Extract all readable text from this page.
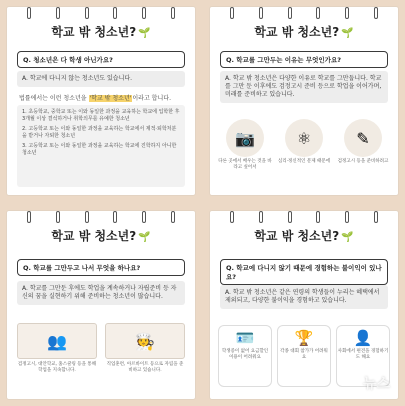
학교 밖 청소년? 🌱
Q. 청소년은 다 학생 아닌가요?
A. 학교에 다니지 않는 청소년도 있습니다.
법률에서는 이런 청소년을 '학교 밖 청소년'이라고 합니다.
1. 초등학교, 중학교 또는 이와 동일한 과정을 교육하는 학교에 입학한 후 3개월 이상 결석하거나 취학의무를 유예한 청소년
2. 고등학교 또는 이와 동일한 과정을 교육하는 학교에서 제적·퇴학처분을 받거나 자퇴한 청소년
3. 고등학교 또는 이와 동일한 과정을 교육하는 학교에 진학하지 아니한 청소년
학교 밖 청소년? 🌱
Q. 학교를 그만두는 이유는 무엇인가요?
A. 학교 밖 청소년은 다양한 이유로 학교를 그만둡니다. 학교를 그만 둔 이후에도 검정고시 준비 등으로 학업을 이어가며, 미래를 준비하고 있습니다.
📷
다른 곳에서 배우는 것을 바라고 싶어서
⚛
심리·정신적인 문제 때문에
✎
검정고시 등을 준비하려고
학교 밖 청소년? 🌱
Q. 학교를 그만두고 나서 무엇을 하나요?
A. 학교를 그만둔 후에도 학업을 계속하거나 자립준비 등 자신의 꿈을 실현하기 위해 준비하는 청소년이 많습니다.
👥
검정고시, 대안학교, 홈스쿨링 등을 통해 학업을 지속합니다.
🧑‍🍳
직업훈련, 아르바이트 등으로 자립을 준비하고 있습니다.
학교 밖 청소년? 🌱
Q. 학교에 다니지 않기 때문에 경험하는 불이익이 있나요?
A. 학교 밖 청소년은 같은 연령의 학생들이 누리는 혜택에서 제외되고, 다양한 불이익을 경험하고 있습니다.
🪪
학생증이 없어 요금할인 이용이 어려워요
🏆
각종 대회 참가가 어려워요
👤
사회에서 편견을 경험하기도 해요
뉴스
